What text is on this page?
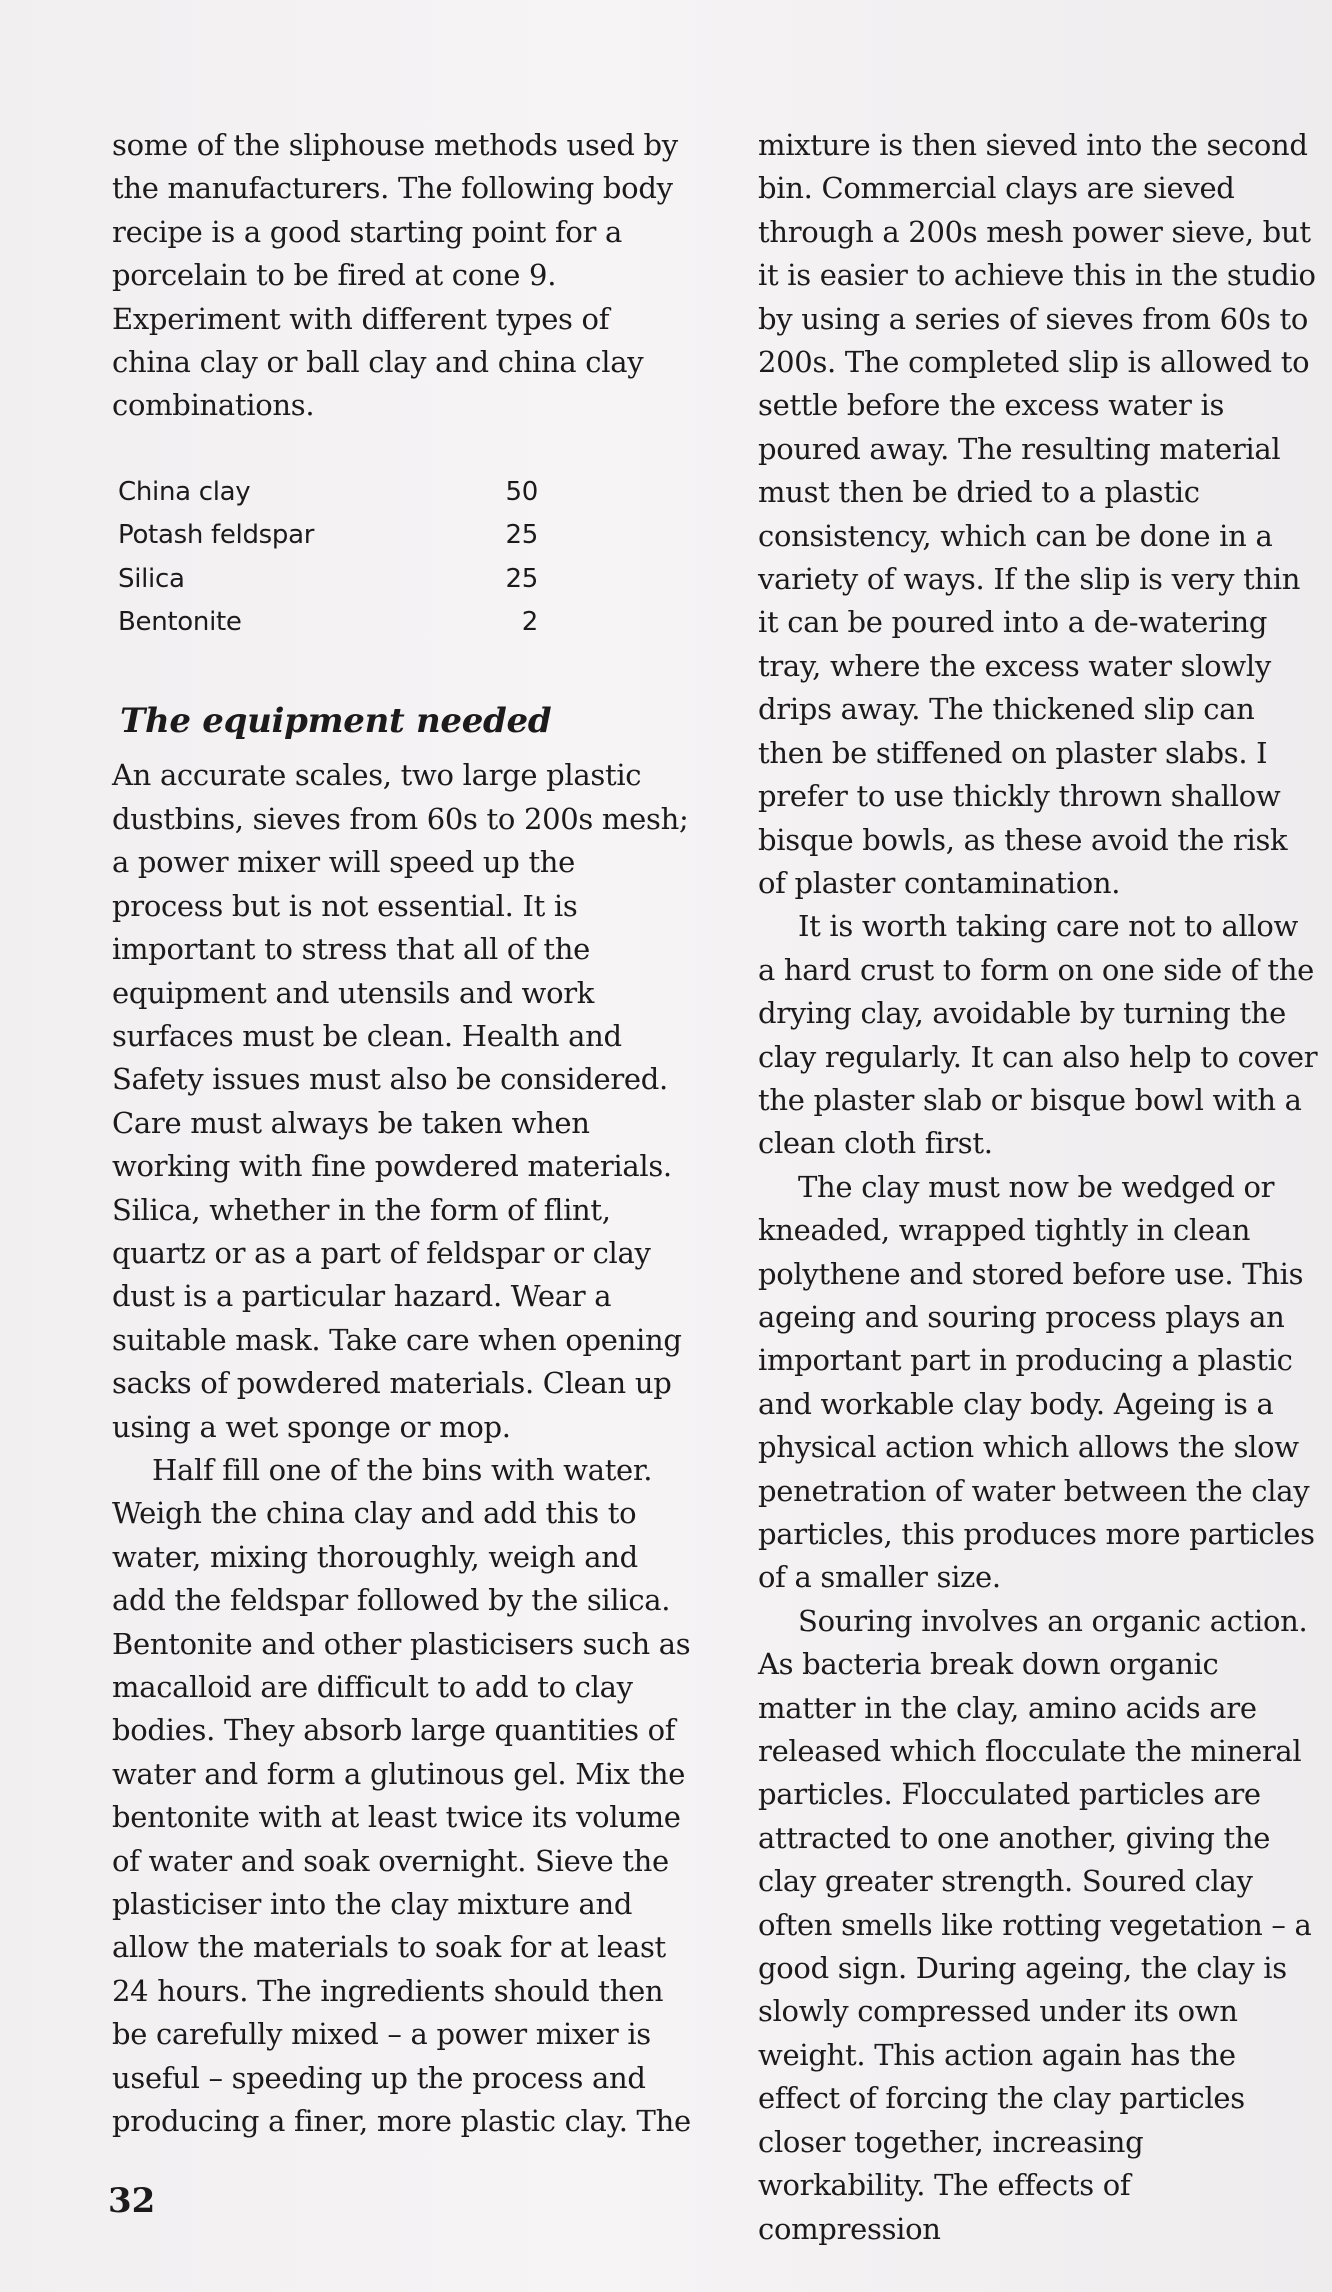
some of the sliphouse methods used by the manufacturers. The following body recipe is a good starting point for a porcelain to be fired at cone 9. Experiment with different types of china clay or ball clay and china clay combinations.

China clay	50
Potash feldspar	25
Silica	25
Bentonite	2
The equipment needed

An accurate scales, two large plastic dustbins, sieves from 60s to 200s mesh; a power mixer will speed up the process but is not essential. It is important to stress that all of the equipment and utensils and work surfaces must be clean. Health and Safety issues must also be considered. Care must always be taken when working with fine powdered materials. Silica, whether in the form of flint, quartz or as a part of feldspar or clay dust is a particular hazard. Wear a suitable mask. Take care when opening sacks of powdered materials. Clean up using a wet sponge or mop.

Half fill one of the bins with water. Weigh the china clay and add this to water, mixing thoroughly, weigh and add the feldspar followed by the silica. Bentonite and other plasticisers such as macalloid are difficult to add to clay bodies. They absorb large quantities of water and form a glutinous gel. Mix the bentonite with at least twice its volume of water and soak overnight. Sieve the plasticiser into the clay mixture and allow the materials to soak for at least 24 hours. The ingredients should then be carefully mixed – a power mixer is useful – speeding up the process and producing a finer, more plastic clay. The

mixture is then sieved into the second bin. Commercial clays are sieved through a 200s mesh power sieve, but it is easier to achieve this in the studio by using a series of sieves from 60s to 200s. The completed slip is allowed to settle before the excess water is poured away. The resulting material must then be dried to a plastic consistency, which can be done in a variety of ways. If the slip is very thin it can be poured into a de-watering tray, where the excess water slowly drips away. The thickened slip can then be stiffened on plaster slabs. I prefer to use thickly thrown shallow bisque bowls, as these avoid the risk of plaster contamination.

It is worth taking care not to allow a hard crust to form on one side of the drying clay, avoidable by turning the clay regularly. It can also help to cover the plaster slab or bisque bowl with a clean cloth first.

The clay must now be wedged or kneaded, wrapped tightly in clean polythene and stored before use. This ageing and souring process plays an important part in producing a plastic and workable clay body. Ageing is a physical action which allows the slow penetration of water between the clay particles, this produces more particles of a smaller size.

Souring involves an organic action. As bacteria break down organic matter in the clay, amino acids are released which flocculate the mineral particles. Flocculated particles are attracted to one another, giving the clay greater strength. Soured clay often smells like rotting vegetation – a good sign. During ageing, the clay is slowly compressed under its own weight. This action again has the effect of forcing the clay particles closer together, increasing workability. The effects of compression

32
